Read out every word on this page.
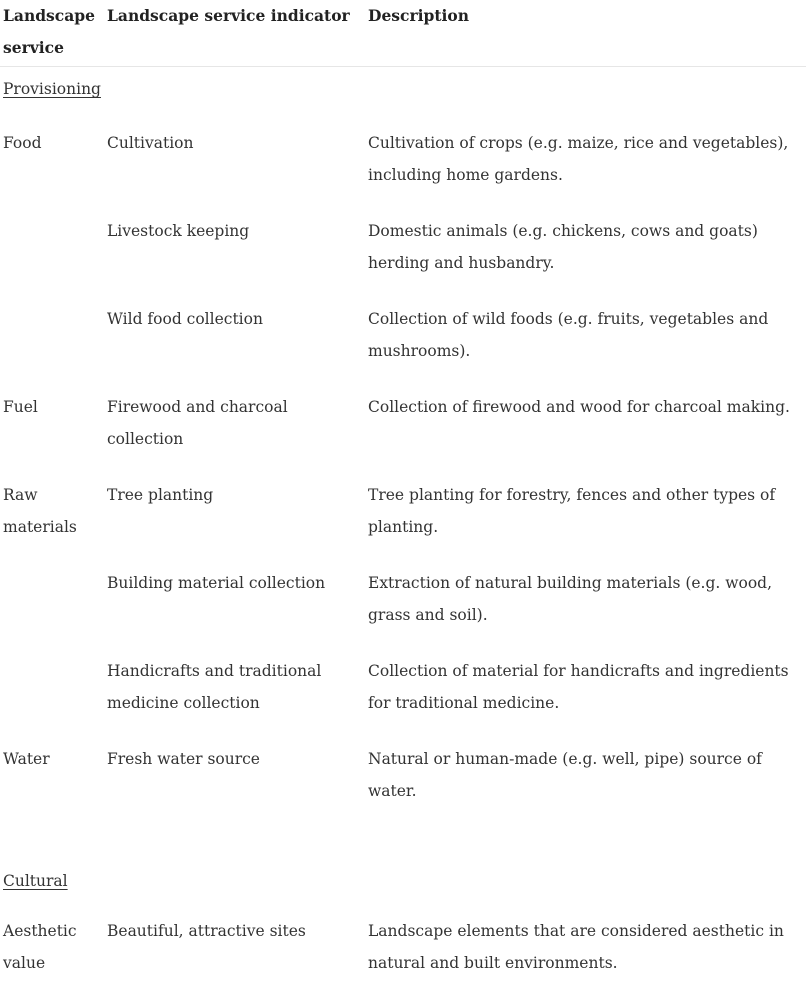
Landscape service	Landscape service indicator	Description
Provisioning		
Food	Cultivation	Cultivation of crops (e.g. maize, rice and vegetables), including home gardens.
	Livestock keeping	Domestic animals (e.g. chickens, cows and goats) herding and husbandry.
	Wild food collection	Collection of wild foods (e.g. fruits, vegetables and mushrooms).
Fuel	Firewood and charcoal collection	Collection of firewood and wood for charcoal making.
Raw materials	Tree planting	Tree planting for forestry, fences and other types of planting.
	Building material collection	Extraction of natural building materials (e.g. wood, grass and soil).
	Handicrafts and traditional medicine collection	Collection of material for handicrafts and ingredients for traditional medicine.
Water	Fresh water source	Natural or human-made (e.g. well, pipe) source of water.
Cultural		
Aesthetic value	Beautiful, attractive sites	Landscape elements that are considered aesthetic in natural and built environments.
